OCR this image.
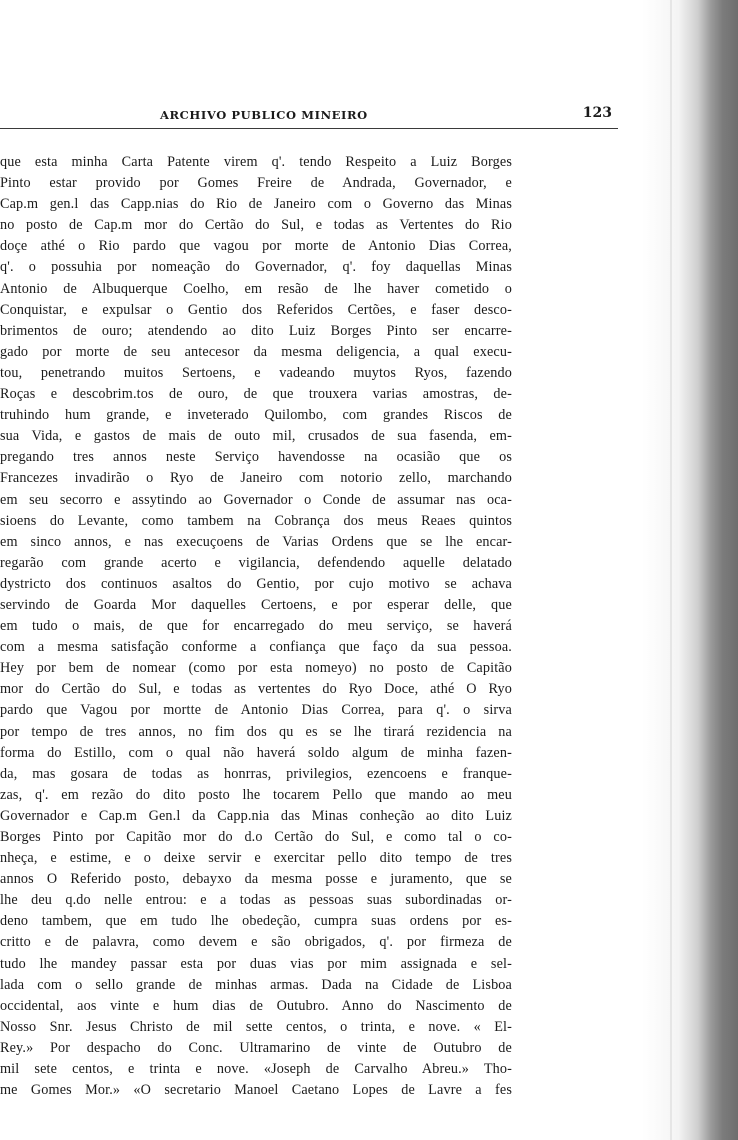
ARCHIVO PUBLICO MINEIRO	123
que esta minha Carta Patente virem q'. tendo Respeito a Luiz Borges
Pinto estar provido por Gomes Freire de Andrada, Governador, e
Cap.m gen.l das Capp.nias do Rio de Janeiro com o Governo das Minas
no posto de Cap.m mor do Certão do Sul, e todas as Vertentes do Rio
doçe athé o Rio pardo que vagou por morte de Antonio Dias Correa,
q'. o possuhia por nomeação do Governador, q'. foy daquellas Minas
Antonio de Albuquerque Coelho, em resão de lhe haver cometido o
Conquistar, e expulsar o Gentio dos Referidos Certões, e faser desco-
brimentos de ouro; atendendo ao dito Luiz Borges Pinto ser encarre-
gado por morte de seu antecesor da mesma deligencia, a qual execu-
tou, penetrando muitos Sertoens, e vadeando muytos Ryos, fazendo
Roças e descobrim.tos de ouro, de que trouxera varias amostras, de-
truhindo hum grande, e inveterado Quilombo, com grandes Riscos de
sua Vida, e gastos de mais de outo mil, crusados de sua fasenda, em-
pregando tres annos neste Serviço havendosse na ocasião que os
Francezes invadirão o Ryo de Janeiro com notorio zello, marchando
em seu secorro e assytindo ao Governador o Conde de assumar nas oca-
sioens do Levante, como tambem na Cobrança dos meus Reaes quintos
em sinco annos, e nas execuçoens de Varias Ordens que se lhe encar-
regarão com grande acerto e vigilancia, defendendo aquelle delatado
dystricto dos continuos asaltos do Gentio, por cujo motivo se achava
servindo de Goarda Mor daquelles Certoens, e por esperar delle, que
em tudo o mais, de que for encarregado do meu serviço, se haverá
com a mesma satisfação conforme a confiança que faço da sua pessoa.
Hey por bem de nomear (como por esta nomeyo) no posto de Capitão
mor do Certão do Sul, e todas as vertentes do Ryo Doce, athé O Ryo
pardo que Vagou por mortte de Antonio Dias Correa, para q'. o sirva
por tempo de tres annos, no fim dos qu es se lhe tirará rezidencia na
forma do Estillo, com o qual não haverá soldo algum de minha fazen-
da, mas gosara de todas as honrras, privilegios, ezencoens e franque-
zas, q'. em rezão do dito posto lhe tocarem Pello que mando ao meu
Governador e Cap.m Gen.l da Capp.nia das Minas conheção ao dito Luiz
Borges Pinto por Capitão mor do d.o Certão do Sul, e como tal o co-
nheça, e estime, e o deixe servir e exercitar pello dito tempo de tres
annos O Referido posto, debayxo da mesma posse e juramento, que se
lhe deu q.do nelle entrou: e a todas as pessoas suas subordinadas or-
deno tambem, que em tudo lhe obedeção, cumpra suas ordens por es-
critto e de palavra, como devem e são obrigados, q'. por firmeza de
tudo lhe mandey passar esta por duas vias por mim assignada e sel-
lada com o sello grande de minhas armas. Dada na Cidade de Lisboa
occidental, aos vinte e hum dias de Outubro. Anno do Nascimento de
Nosso Snr. Jesus Christo de mil sette centos, o trinta, e nove. « El-
Rey.» Por despacho do Conc. Ultramarino de vinte de Outubro de
mil sete centos, e trinta e nove. «Joseph de Carvalho Abreu.» Tho-
me Gomes Mor.» «O secretario Manoel Caetano Lopes de Lavre a fes
